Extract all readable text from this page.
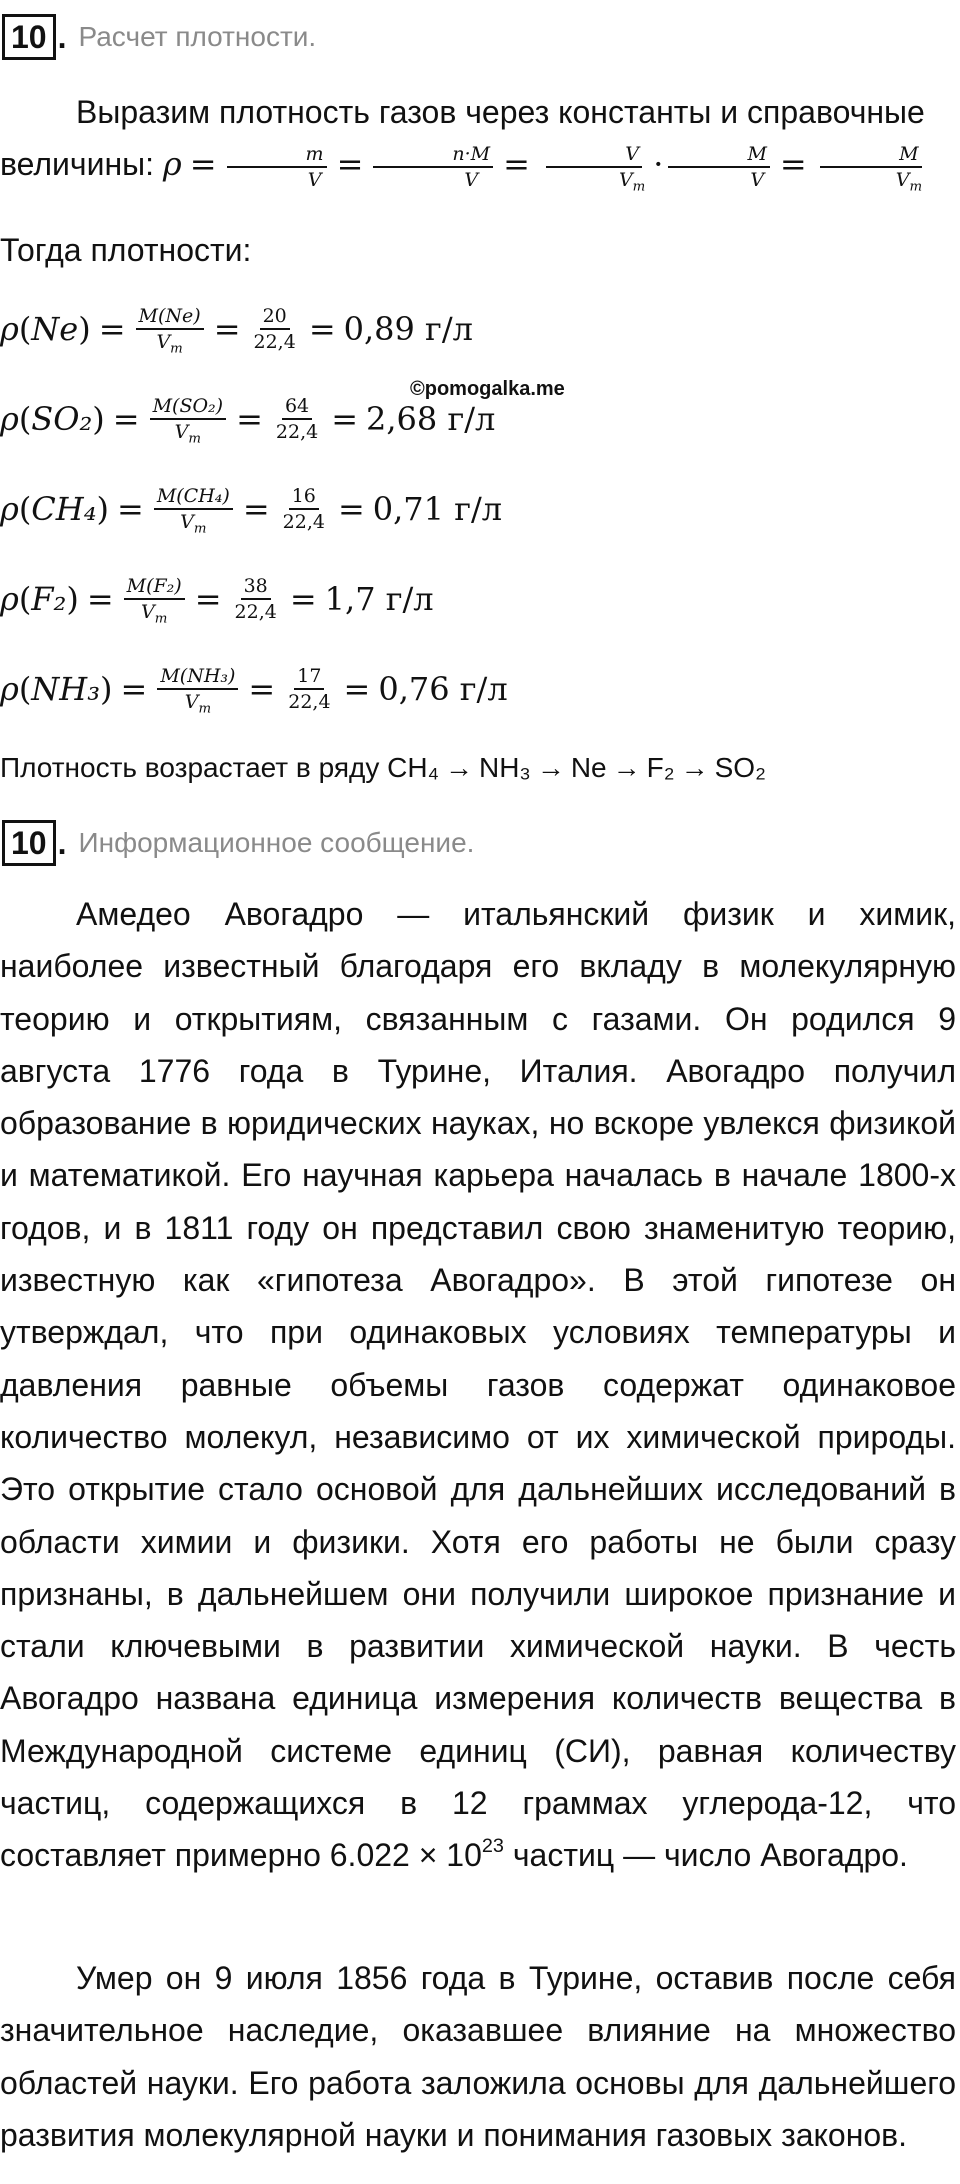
10 . Расчет плотности.
Выразим плотность газов через константы и справочные величины: $\rho = \frac{m}{V} = \frac{n\cdot M}{V} = \frac{V}{V_m} \cdot \frac{M}{V} = \frac{M}{V_m}$
Тогда плотности:
ρ ( Ne ) = $\frac{M(Ne)}{V_m} = \frac{20}{22,4} = 0,89$ г/л
ρ ( SO₂ ) = $\frac{\text{M(SO₂)}}{V_m} = \frac{64}{22,4} = 2,68$ г/л
©pomogalka.me
ρ ( CH₄ ) = $\frac{\text{M(CH₄)}}{V_m} = \frac{16}{22,4} = 0,71$ г/л
ρ ( F₂ ) = $\frac{\text{M(F₂)}}{V_m} = \frac{38}{22,4} = 1,7$ г/л
ρ ( NH₃ ) = $\frac{\text{M(NH₃)}}{V_m} = \frac{17}{22,4} = 0,76$ г/л
Плотность возрастает в ряду CH₄ → NH₃ → Ne → F₂ → SO₂
10 . Информационное сообщение.
Амедео Авогадро — итальянский физик и химик, наиболее известный благодаря его вкладу в молекулярную теорию и открытиям, связанным с газами. Он родился 9 августа 1776 года в Турине, Италия. Авогадро получил образование в юридических науках, но вскоре увлекся физикой и математикой. Его научная карьера началась в начале 1800-х годов, и в 1811 году он представил свою знаменитую теорию, известную как «гипотеза Авогадро». В этой гипотезе он утверждал, что при одинаковых условиях температуры и давления равные объемы газов содержат одинаковое количество молекул, независимо от их химической природы. Это открытие стало основой для дальнейших исследований в области химии и физики. Хотя его работы не были сразу признаны, в дальнейшем они получили широкое признание и стали ключевыми в развитии химической науки. В честь Авогадро названа единица измерения количеств вещества в Международной системе единиц (СИ), равная количеству частиц, содержащихся в 12 граммах углерода-12, что составляет примерно $6.022 \times 10^{23}$ частиц — число Авогадро.
Умер он 9 июля 1856 года в Турине, оставив после себя значительное наследие, оказавшее влияние на множество областей науки. Его работа заложила основы для дальнейшего развития молекулярной науки и понимания газовых законов.
